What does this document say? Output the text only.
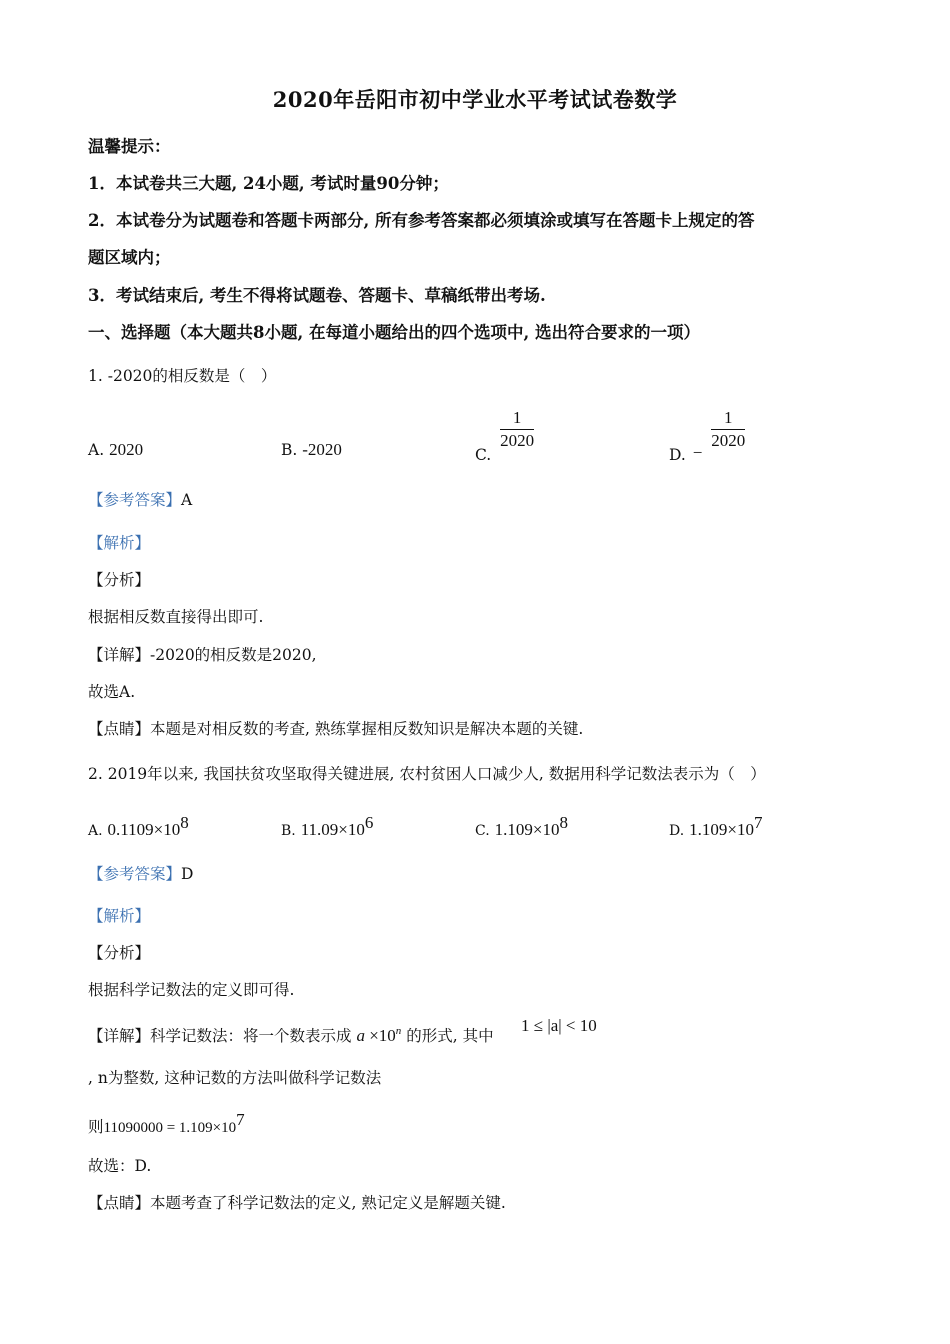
2020年岳阳市初中学业水平考试试卷数学
温馨提示：
1．本试卷共三大题, 24小题, 考试时量90分钟；
2．本试卷分为试题卷和答题卡两部分, 所有参考答案都必须填涂或填写在答题卡上规定的答
题区域内；
3．考试结束后, 考生不得将试题卷、答题卡、草稿纸带出考场.
一、选择题（本大题共8小题, 在每道小题给出的四个选项中, 选出符合要求的一项）
1. -2020的相反数是（　）
A. 2020	B. -2020	C.
$\frac{1}{2020}$
D. −
$\frac{1}{2020}$
【参考答案】A
【解析】
【分析】
根据相反数直接得出即可.
【详解】-2020的相反数是2020,
故选A.
【点睛】本题是对相反数的考查, 熟练掌握相反数知识是解决本题的关键.
2. 2019年以来, 我国扶贫攻坚取得关键进展, 农村贫困人口减少人, 数据用科学记数法表示为（　）
A. $0.1109\times 10^8$	B. $11.09\times 10^6$	C. $1.109\times 10^8$	D. $1.109\times 10^7$
【参考答案】D
【解析】
【分析】
根据科学记数法的定义即可得.
【详解】科学记数法：将一个数表示成 $a \times 10^n$ 的形式, 其中
1 ≤ |a| < 10
, n为整数, 这种记数的方法叫做科学记数法
则$11090000 = 1.109\times 10^7$
故选：D.
【点睛】本题考查了科学记数法的定义, 熟记定义是解题关键.
